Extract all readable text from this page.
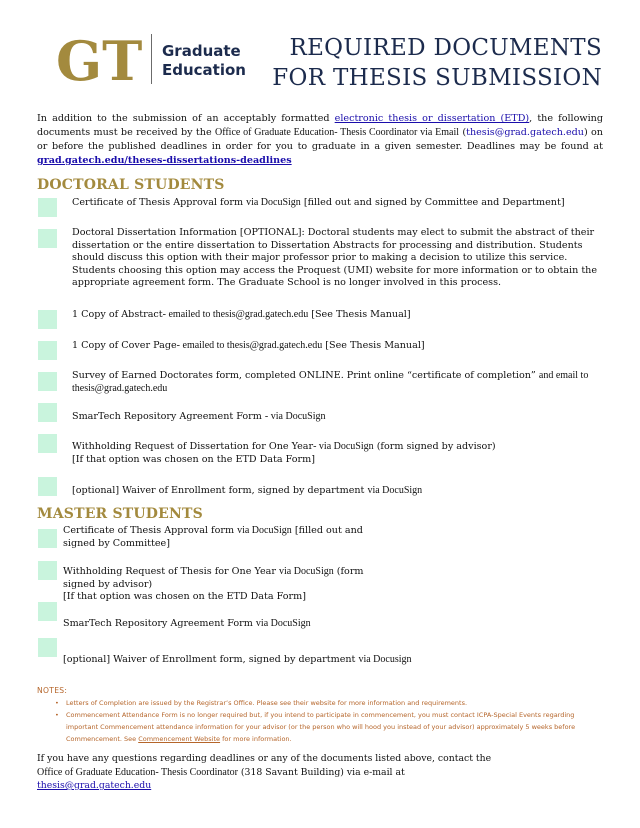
GT Graduate
Education
REQUIRED DOCUMENTS
FOR THESIS SUBMISSION
In addition to the submission of an acceptably formatted electronic thesis or dissertation (ETD), the following documents must be received by the Office of Graduate Education- Thesis Coordinator via Email (thesis@grad.gatech.edu) on or before the published deadlines in order for you to graduate in a given semester. Deadlines may be found at grad.gatech.edu/theses-dissertations-deadlines
DOCTORAL STUDENTS
Certificate of Thesis Approval form via DocuSign [filled out and signed by Committee and Department]
Doctoral Dissertation Information [OPTIONAL]: Doctoral students may elect to submit the abstract of their dissertation or the entire dissertation to Dissertation Abstracts for processing and distribution. Students should discuss this option with their major professor prior to making a decision to utilize this service. Students choosing this option may access the Proquest (UMI) website for more information or to obtain the appropriate agreement form. The Graduate School is no longer involved in this process.
1 Copy of Abstract- emailed to thesis@grad.gatech.edu [See Thesis Manual]
1 Copy of Cover Page- emailed to thesis@grad.gatech.edu [See Thesis Manual]
Survey of Earned Doctorates form, completed ONLINE. Print online “certificate of completion” and email to thesis@grad.gatech.edu
SmarTech Repository Agreement Form - via DocuSign
Withholding Request of Dissertation for One Year- via DocuSign (form signed by advisor)
[If that option was chosen on the ETD Data Form]
[optional] Waiver of Enrollment form, signed by department via DocuSign
MASTER STUDENTS
Certificate of Thesis Approval form via DocuSign [filled out and signed by Committee]
Withholding Request of Thesis for One Year via DocuSign (form signed by advisor)
[If that option was chosen on the ETD Data Form]
SmarTech Repository Agreement Form via DocuSign
[optional] Waiver of Enrollment form, signed by department via Docusign
NOTES:
• Letters of Completion are issued by the Registrar’s Office. Please see their website for more information and requirements.
• Commencement Attendance Form is no longer required but, if you intend to participate in commencement, you must contact ICPA-Special Events regarding important Commencement attendance information for your advisor (or the person who will hood you instead of your advisor) approximately 5 weeks before Commencement. See Commencement Website for more information.
If you have any questions regarding deadlines or any of the documents listed above, contact the Office of Graduate Education- Thesis Coordinator (318 Savant Building) via e-mail at thesis@grad.gatech.edu
